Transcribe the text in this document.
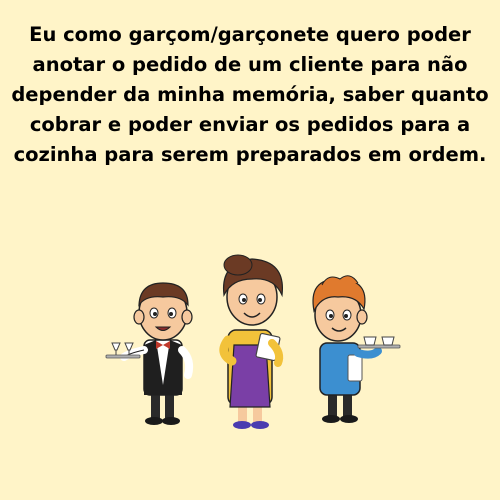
Eu como garçom/garçonete quero poder anotar o pedido de um cliente para não depender da minha memória, saber quanto cobrar e poder enviar os pedidos para a cozinha para serem preparados em ordem.
